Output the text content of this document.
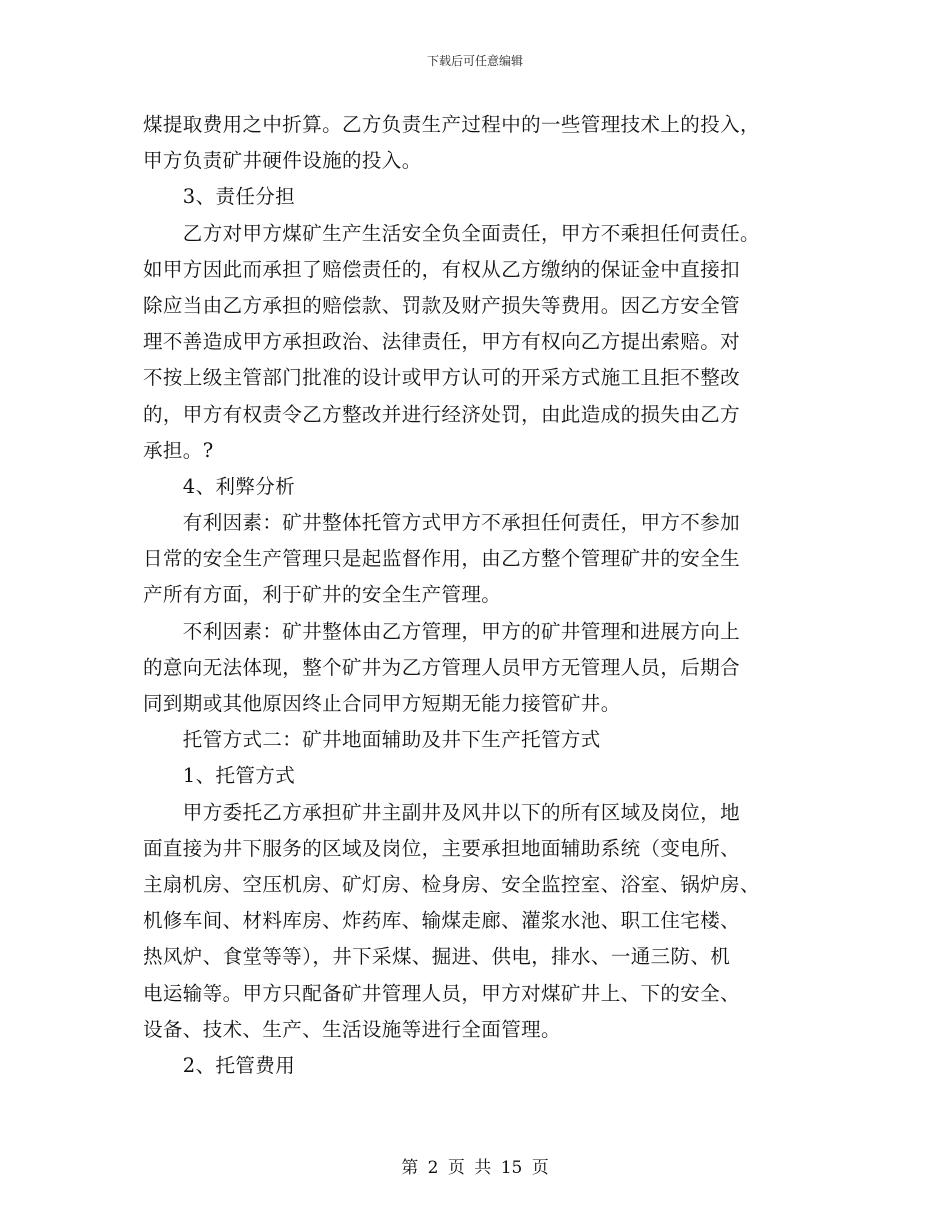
下载后可任意编辑
煤提取费用之中折算。乙方负责生产过程中的一些管理技术上的投入，
甲方负责矿井硬件设施的投入。
　　3、责任分担
　　乙方对甲方煤矿生产生活安全负全面责任，甲方不乘担任何责任。
如甲方因此而承担了赔偿责任的，有权从乙方缴纳的保证金中直接扣
除应当由乙方承担的赔偿款、罚款及财产损失等费用。因乙方安全管
理不善造成甲方承担政治、法律责任，甲方有权向乙方提出索赔。对
不按上级主管部门批准的设计或甲方认可的开采方式施工且拒不整改
的，甲方有权责令乙方整改并进行经济处罚，由此造成的损失由乙方
承担。?
　　4、利弊分析
　　有利因素：矿井整体托管方式甲方不承担任何责任，甲方不参加
日常的安全生产管理只是起监督作用，由乙方整个管理矿井的安全生
产所有方面，利于矿井的安全生产管理。
　　不利因素：矿井整体由乙方管理，甲方的矿井管理和进展方向上
的意向无法体现，整个矿井为乙方管理人员甲方无管理人员，后期合
同到期或其他原因终止合同甲方短期无能力接管矿井。
　　托管方式二：矿井地面辅助及井下生产托管方式
　　1、托管方式
　　甲方委托乙方承担矿井主副井及风井以下的所有区域及岗位，地
面直接为井下服务的区域及岗位，主要承担地面辅助系统（变电所、
主扇机房、空压机房、矿灯房、检身房、安全监控室、浴室、锅炉房、
机修车间、材料库房、炸药库、输煤走廊、灌浆水池、职工住宅楼、
热风炉、食堂等等），井下采煤、掘进、供电，排水、一通三防、机
电运输等。甲方只配备矿井管理人员，甲方对煤矿井上、下的安全、
设备、技术、生产、生活设施等进行全面管理。
　　2、托管费用
第 2 页 共 15 页
